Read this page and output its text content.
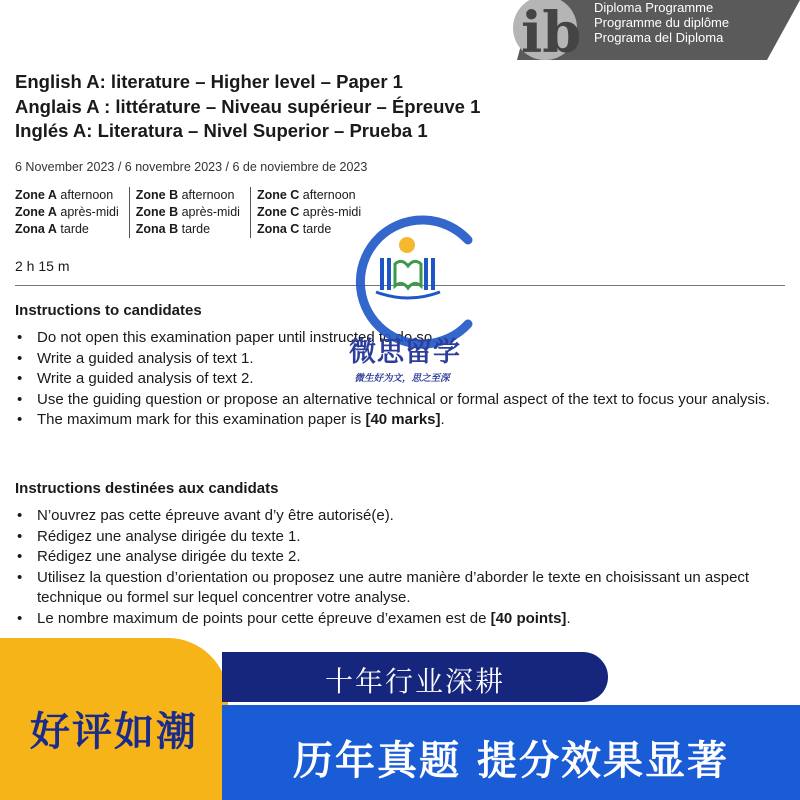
ib Diploma Programme
Programme du diplôme
Programa del Diploma
English A: literature – Higher level – Paper 1
Anglais A : littérature – Niveau supérieur – Épreuve 1
Inglés A: Literatura – Nivel Superior – Prueba 1
6 November 2023 / 6 novembre 2023 / 6 de noviembre de 2023
Zone A afternoon
Zone A après-midi
Zona A tarde
Zone B afternoon
Zone B après-midi
Zona B tarde
Zone C afternoon
Zone C après-midi
Zona C tarde
2 h 15 m
Instructions to candidates
• Do not open this examination paper until instructed to do so.
• Write a guided analysis of text 1.
• Write a guided analysis of text 2.
• Use the guiding question or propose an alternative technical or formal aspect of the text to focus your analysis.
• The maximum mark for this examination paper is [40 marks].
Instructions destinées aux candidats
• N’ouvrez pas cette épreuve avant d’y être autorisé(e).
• Rédigez une analyse dirigée du texte 1.
• Rédigez une analyse dirigée du texte 2.
• Utilisez la question d’orientation ou proposez une autre manière d’aborder le texte en choisissant un aspect technique ou formel sur lequel concentrer votre analyse.
• Le nombre maximum de points pour cette épreuve d’examen est de [40 points].
微思留学
微生好为文，思之至深
好评如潮
十年行业深耕
历年真题 提分效果显著
